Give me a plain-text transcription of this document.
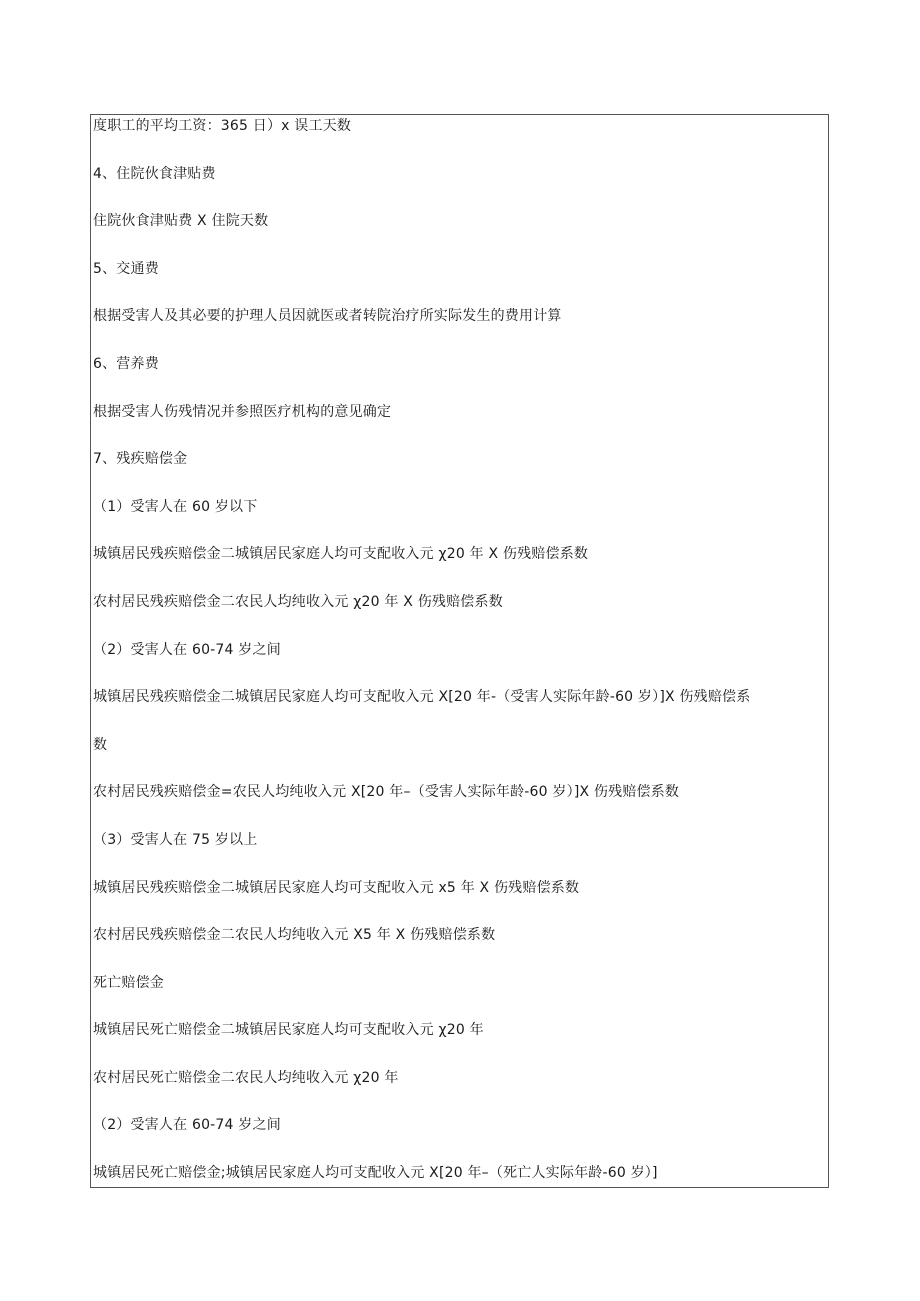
度职工的平均工资：365 日）x 误工天数
4、住院伙食津贴费
住院伙食津贴费 X 住院天数
5、交通费
根据受害人及其必要的护理人员因就医或者转院治疗所实际发生的费用计算
6、营养费
根据受害人伤残情况并参照医疗机构的意见确定
7、残疾赔偿金
（1）受害人在 60 岁以下
城镇居民残疾赔偿金二城镇居民家庭人均可支配收入元 χ20 年 X 伤残赔偿系数
农村居民残疾赔偿金二农民人均纯收入元 χ20 年 X 伤残赔偿系数
（2）受害人在 60-74 岁之间
城镇居民残疾赔偿金二城镇居民家庭人均可支配收入元 X[20 年-（受害人实际年龄-60 岁）]X 伤残赔偿系
数
农村居民残疾赔偿金=农民人均纯收入元 X[20 年–（受害人实际年龄-60 岁）]X 伤残赔偿系数
（3）受害人在 75 岁以上
城镇居民残疾赔偿金二城镇居民家庭人均可支配收入元 x5 年 X 伤残赔偿系数
农村居民残疾赔偿金二农民人均纯收入元 X5 年 X 伤残赔偿系数
死亡赔偿金
城镇居民死亡赔偿金二城镇居民家庭人均可支配收入元 χ20 年
农村居民死亡赔偿金二农民人均纯收入元 χ20 年
（2）受害人在 60-74 岁之间
城镇居民死亡赔偿金;城镇居民家庭人均可支配收入元 X[20 年–（死亡人实际年龄-60 岁）]
